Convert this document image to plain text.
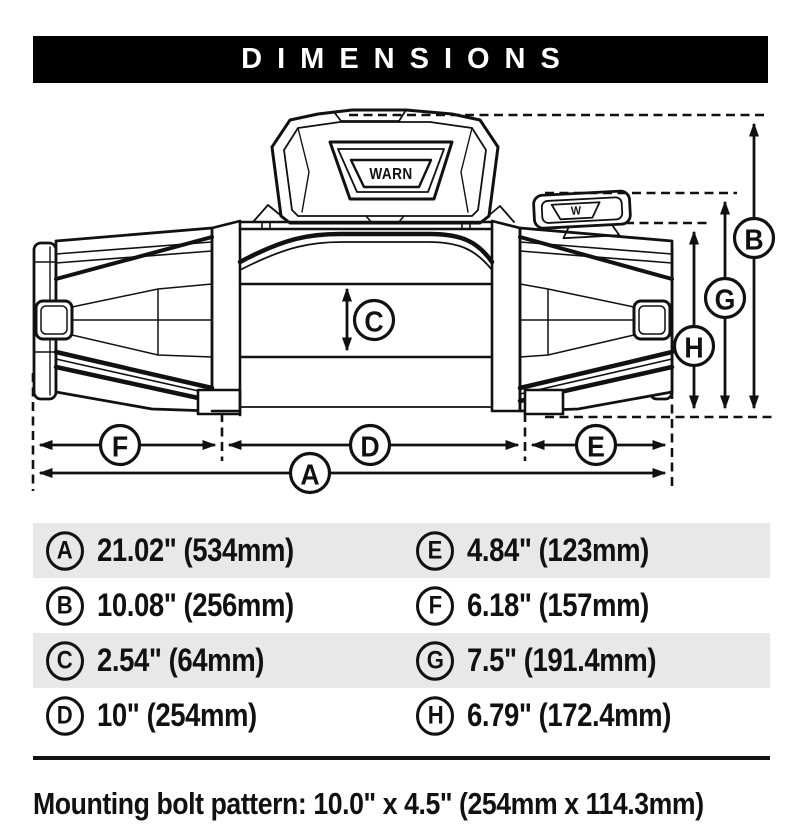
DIMENSIONS
WARN
W
B
G
H
C
F	D	E
A
A 21.02" (534mm)	E 4.84" (123mm)
B 10.08" (256mm)	F 6.18" (157mm)
C 2.54" (64mm)	G 7.5" (191.4mm)
D 10" (254mm)	H 6.79" (172.4mm)
Mounting bolt pattern: 10.0" x 4.5" (254mm x 114.3mm)
